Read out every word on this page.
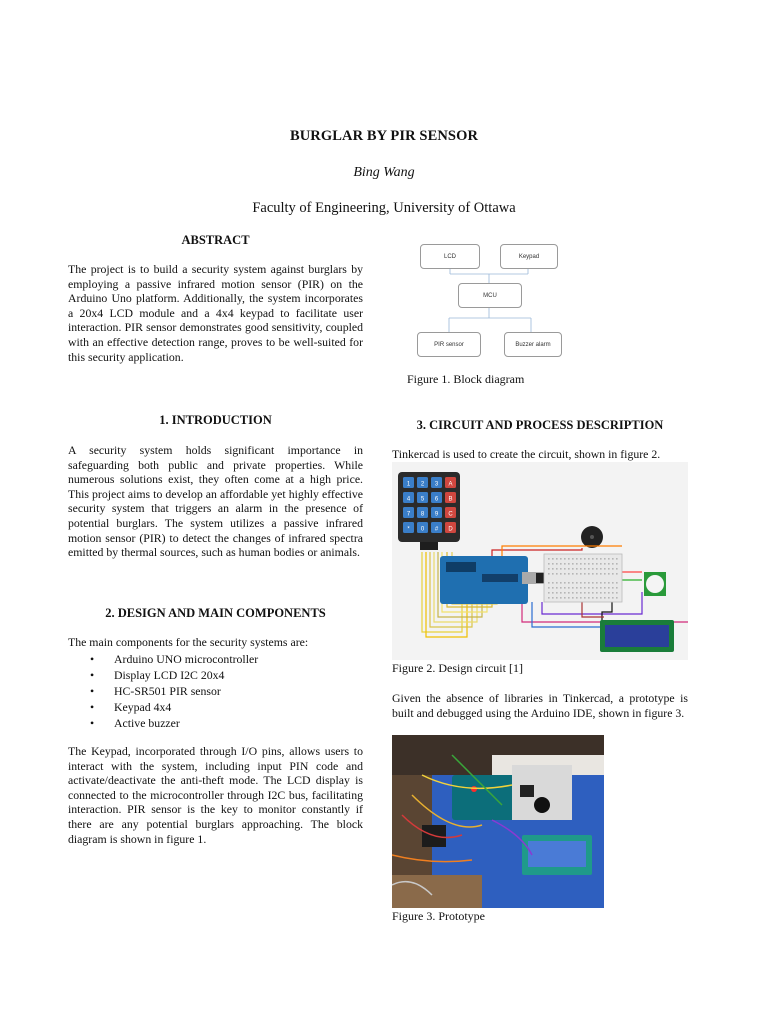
BURGLAR BY PIR SENSOR
Bing Wang
Faculty of Engineering, University of Ottawa
ABSTRACT
The project is to build a security system against burglars by employing a passive infrared motion sensor (PIR) on the Arduino Uno platform. Additionally, the system incorporates a 20x4 LCD module and a 4x4 keypad to facilitate user interaction. PIR sensor demonstrates good sensitivity, coupled with an effective detection range, proves to be well-suited for this security application.
1. INTRODUCTION
A security system holds significant importance in safeguarding both public and private properties. While numerous solutions exist, they often come at a high price. This project aims to develop an affordable yet highly effective security system that triggers an alarm in the presence of potential burglars. The system utilizes a passive infrared motion sensor (PIR) to detect the changes of infrared spectra emitted by thermal sources, such as human bodies or animals.
2. DESIGN AND MAIN COMPONENTS
The main components for the security systems are:
• Arduino UNO microcontroller
• Display LCD I2C 20x4
• HC-SR501 PIR sensor
• Keypad 4x4
• Active buzzer
The Keypad, incorporated through I/O pins, allows users to interact with the system, including input PIN code and activate/deactivate the anti-theft mode. The LCD display is connected to the microcontroller through I2C bus, facilitating interaction. PIR sensor is the key to monitor constantly if there are any potential burglars approaching. The block diagram is shown in figure 1.
LCD	Keypad
MCU
PIR sensor	Buzzer alarm
Figure 1. Block diagram
3. CIRCUIT AND PROCESS DESCRIPTION
Tinkercad is used to create the circuit, shown in figure 2.
1 2 3 A
4 5 6 B
7 8 9 C
* 0 # D
Figure 2. Design circuit [1]
Given the absence of libraries in Tinkercad, a prototype is built and debugged using the Arduino IDE, shown in figure 3.
Figure 3. Prototype
